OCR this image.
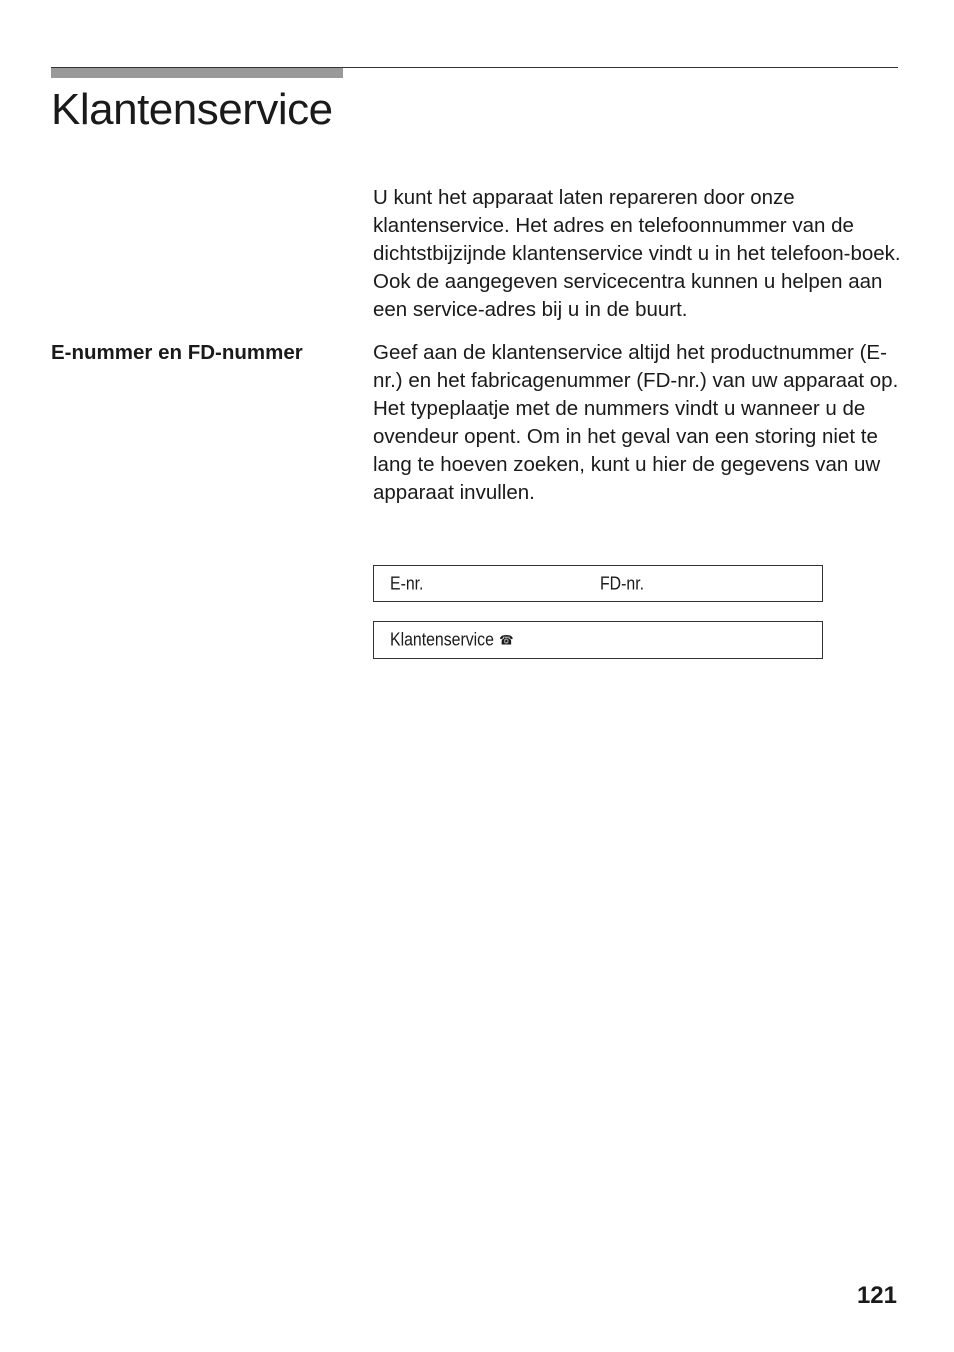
Klantenservice

U kunt het apparaat laten repareren door onze klantenservice. Het adres en telefoonnummer van de dichtstbijzijnde klantenservice vindt u in het telefoon-boek. Ook de aangegeven servicecentra kunnen u helpen aan een service-adres bij u in de buurt.

E-nummer en FD-nummer	Geef aan de klantenservice altijd het productnummer (E-nr.) en het fabricagenummer (FD-nr.) van uw apparaat op. Het typeplaatje met de nummers vindt u wanneer u de ovendeur opent. Om in het geval van een storing niet te lang te hoeven zoeken, kunt u hier de gegevens van uw apparaat invullen.

E-nr.	FD-nr.
Klantenservice ☎

121
